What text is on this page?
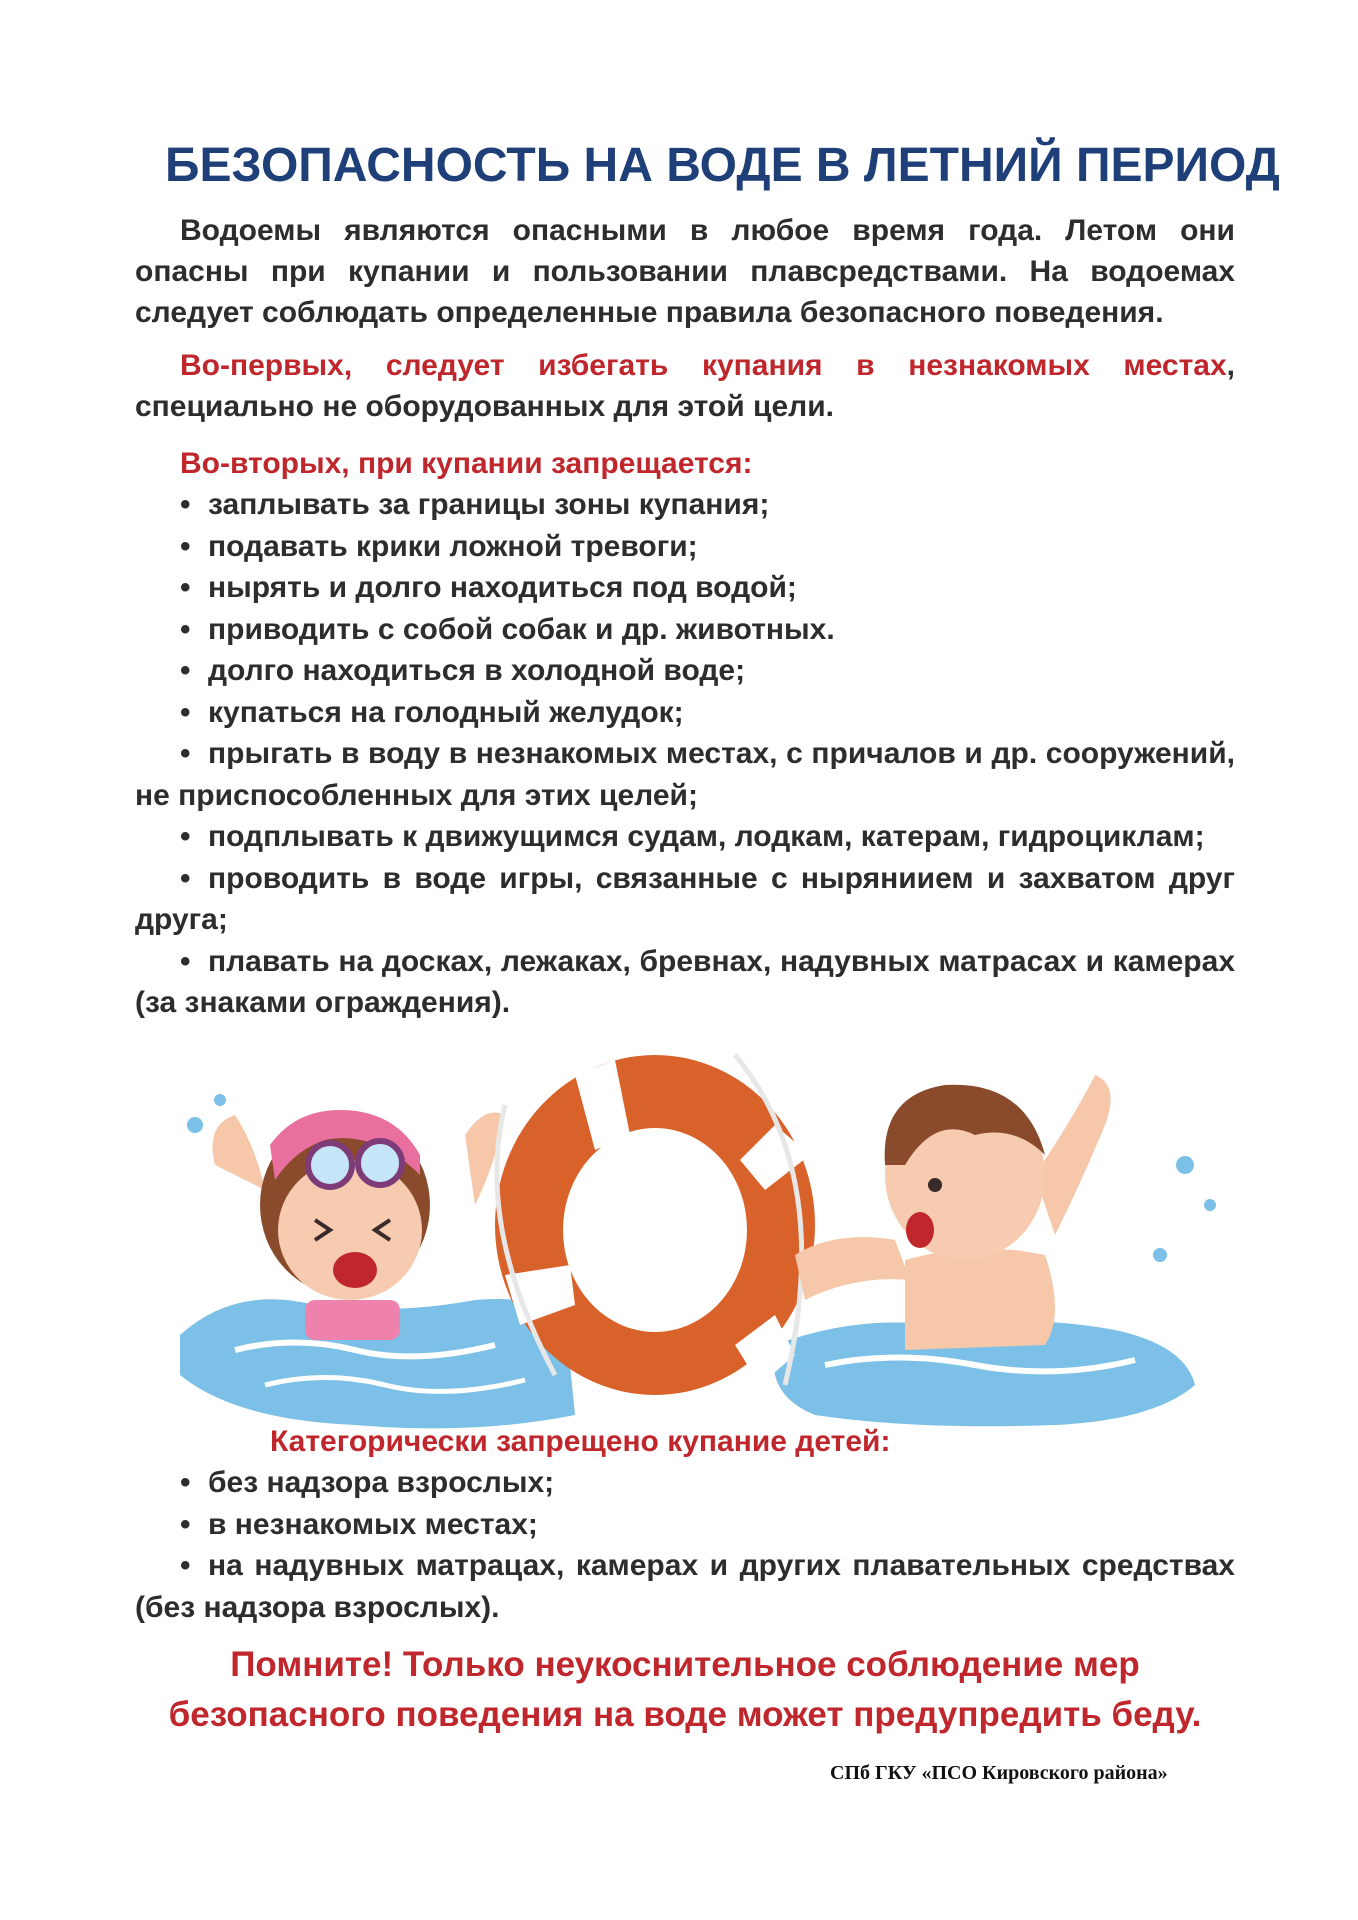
БЕЗОПАСНОСТЬ НА ВОДЕ В ЛЕТНИЙ ПЕРИОД
Водоемы являются опасными в любое время года. Летом они опасны при купании и пользовании плавсредствами. На водоемах следует соблюдать определенные правила безопасного поведения.
Во-первых, следует избегать купания в незнакомых местах, специально не оборудованных для этой цели.
Во-вторых, при купании запрещается:
• заплывать за границы зоны купания;
• подавать крики ложной тревоги;
• нырять и долго находиться под водой;
• приводить с собой собак и др. животных.
• долго находиться в холодной воде;
• купаться на голодный желудок;
• прыгать в воду в незнакомых местах, с причалов и др. сооружений, не приспособленных для этих целей;
• подплывать к движущимся судам, лодкам, катерам, гидроциклам;
• проводить в воде игры, связанные с ныряниием и захватом друг друга;
• плавать на досках, лежаках, бревнах, надувных матрасах и камерах (за знаками ограждения).
Категорически запрещено купание детей:
• без надзора взрослых;
• в незнакомых местах;
• на надувных матрацах, камерах и других плавательных средствах (без надзора взрослых).
Помните! Только неукоснительное соблюдение мер безопасного поведения на воде может предупредить беду.
СПб ГКУ «ПСО Кировского района»
